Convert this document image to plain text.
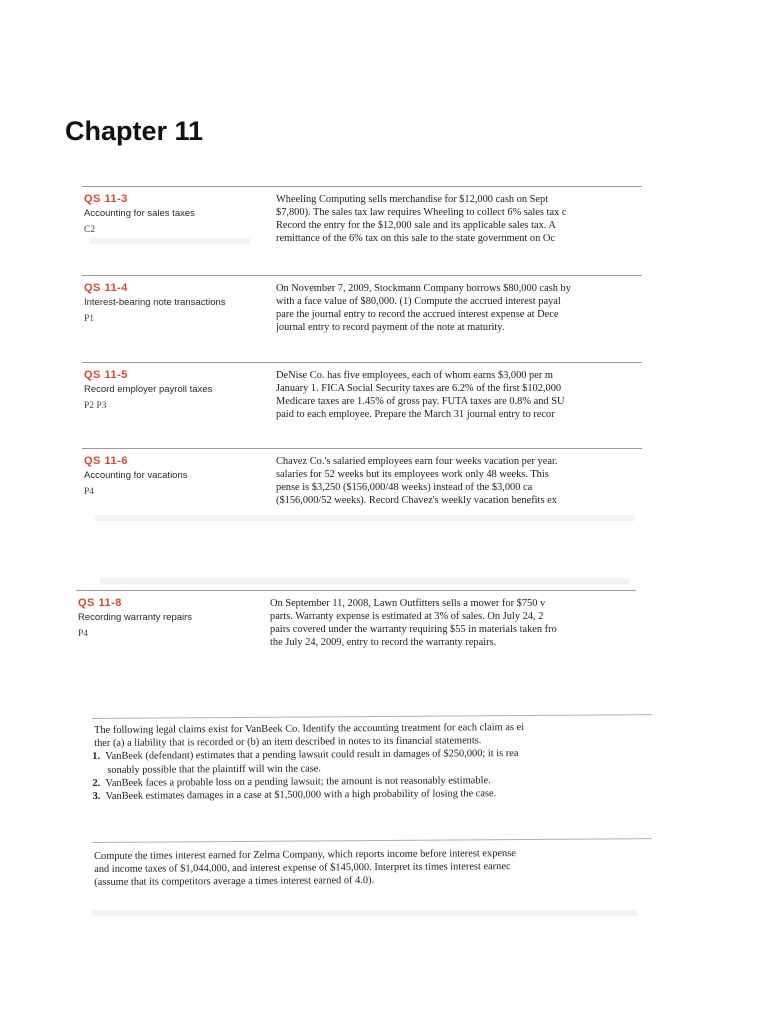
Chapter 11
QS 11-3
Accounting for sales taxes
C2
Wheeling Computing sells merchandise for $12,000 cash on Sept
$7,800). The sales tax law requires Wheeling to collect 6% sales tax c
Record the entry for the $12,000 sale and its applicable sales tax. A
remittance of the 6% tax on this sale to the state government on Oc
QS 11-4
Interest-bearing note transactions
P1
On November 7, 2009, Stockmann Company borrows $80,000 cash by
with a face value of $80,000. (1) Compute the accrued interest payal
pare the journal entry to record the accrued interest expense at Dece
journal entry to record payment of the note at maturity.
QS 11-5
Record employer payroll taxes
P2 P3
DeNise Co. has five employees, each of whom earns $3,000 per m
January 1. FICA Social Security taxes are 6.2% of the first $102,000
Medicare taxes are 1.45% of gross pay. FUTA taxes are 0.8% and SU
paid to each employee. Prepare the March 31 journal entry to recor
QS 11-6
Accounting for vacations
P4
Chavez Co.'s salaried employees earn four weeks vacation per year.
salaries for 52 weeks but its employees work only 48 weeks. This
pense is $3,250 ($156,000/48 weeks) instead of the $3,000 ca
($156,000/52 weeks). Record Chavez's weekly vacation benefits ex
QS 11-8
Recording warranty repairs
P4
On September 11, 2008, Lawn Outfitters sells a mower for $750 v
parts. Warranty expense is estimated at 3% of sales. On July 24, 2
pairs covered under the warranty requiring $55 in materials taken fro
the July 24, 2009, entry to record the warranty repairs.
The following legal claims exist for VanBeek Co. Identify the accounting treatment for each claim as ei
ther (a) a liability that is recorded or (b) an item described in notes to its financial statements.
1. VanBeek (defendant) estimates that a pending lawsuit could result in damages of $250,000; it is rea
sonably possible that the plaintiff will win the case.
2. VanBeek faces a probable loss on a pending lawsuit; the amount is not reasonably estimable.
3. VanBeek estimates damages in a case at $1,500,000 with a high probability of losing the case.
Compute the times interest earned for Zelma Company, which reports income before interest expense
and income taxes of $1,044,000, and interest expense of $145,000. Interpret its times interest earnec
(assume that its competitors average a times interest earned of 4.0).
